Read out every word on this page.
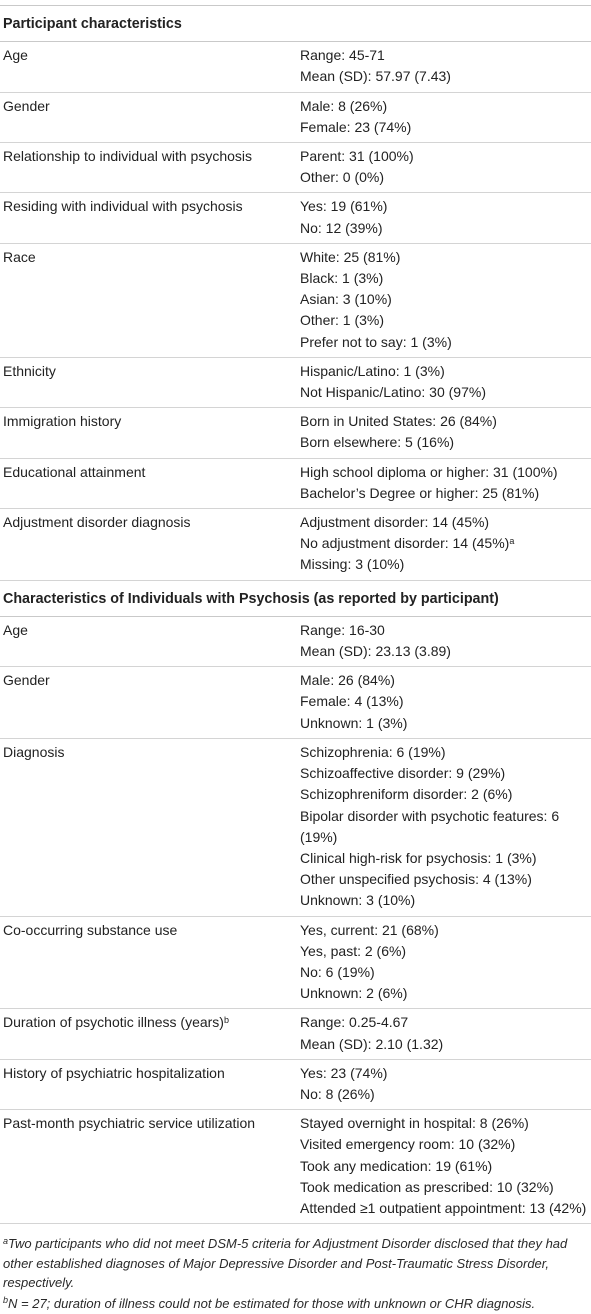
Participant characteristics
Age	Range: 45-71
Mean (SD): 57.97 (7.43)
Gender	Male: 8 (26%)
Female: 23 (74%)
Relationship to individual with psychosis	Parent: 31 (100%)
Other: 0 (0%)
Residing with individual with psychosis	Yes: 19 (61%)
No: 12 (39%)
Race	White: 25 (81%)
Black: 1 (3%)
Asian: 3 (10%)
Other: 1 (3%)
Prefer not to say: 1 (3%)
Ethnicity	Hispanic/Latino: 1 (3%)
Not Hispanic/Latino: 30 (97%)
Immigration history	Born in United States: 26 (84%)
Born elsewhere: 5 (16%)
Educational attainment	High school diploma or higher: 31 (100%)
Bachelor’s Degree or higher: 25 (81%)
Adjustment disorder diagnosis	Adjustment disorder: 14 (45%)
No adjustment disorder: 14 $(45\%)^a$
Missing: 3 (10%)
Characteristics of Individuals with Psychosis (as reported by participant)
Age	Range: 16-30
Mean (SD): 23.13 (3.89)
Gender	Male: 26 (84%)
Female: 4 (13%)
Unknown: 1 (3%)
Diagnosis	Schizophrenia: 6 (19%)
Schizoaffective disorder: 9 (29%)
Schizophreniform disorder: 2 (6%)
Bipolar disorder with psychotic features: 6 (19%)
Clinical high-risk for psychosis: 1 (3%)
Other unspecified psychosis: 4 (13%)
Unknown: 3 (10%)
Co-occurring substance use	Yes, current: 21 (68%)
Yes, past: 2 (6%)
No: 6 (19%)
Unknown: 2 (6%)
Duration of psychotic illness (years)$^b$	Range: 0.25-4.67
Mean (SD): 2.10 (1.32)
History of psychiatric hospitalization	Yes: 23 (74%)
No: 8 (26%)
Past-month psychiatric service utilization	Stayed overnight in hospital: 8 (26%)
Visited emergency room: 10 (32%)
Took any medication: 19 (61%)
Took medication as prescribed: 10 (32%)
Attended ≥1 outpatient appointment: 13 (42%)
$^a$Two participants who did not meet DSM-5 criteria for Adjustment Disorder disclosed that they had other established diagnoses of Major Depressive Disorder and Post-Traumatic Stress Disorder, respectively.
$^b$N = 27; duration of illness could not be estimated for those with unknown or CHR diagnosis.
